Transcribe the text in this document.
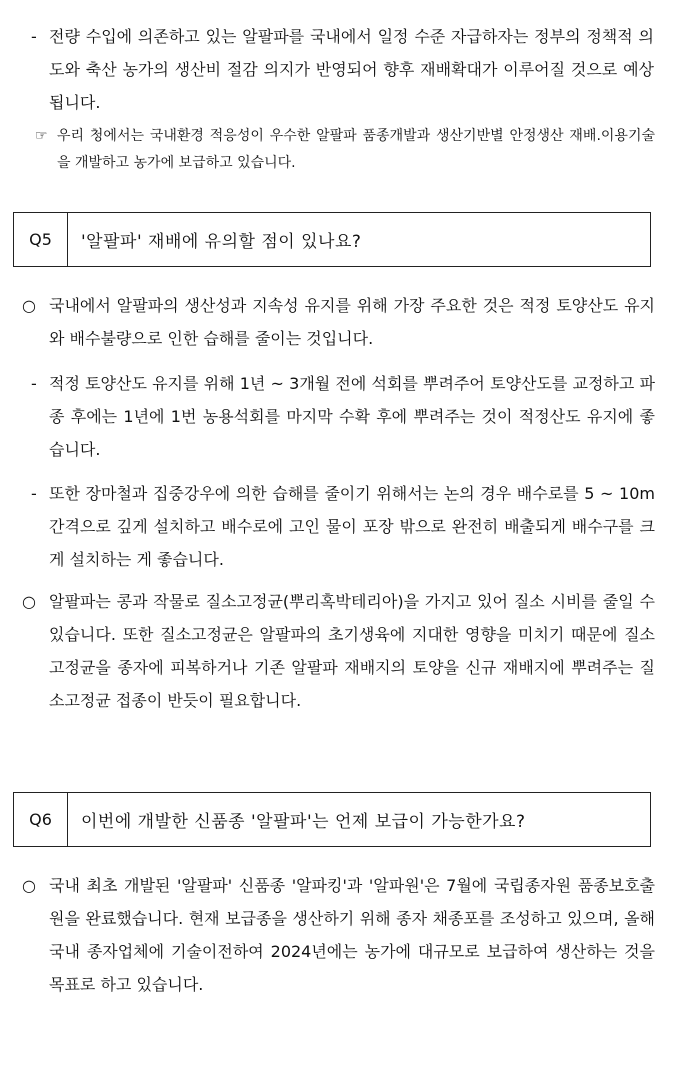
- 전량 수입에 의존하고 있는 알팔파를 국내에서 일정 수준 자급하자는 정부의 정책적 의도와 축산 농가의 생산비 절감 의지가 반영되어 향후 재배확대가 이루어질 것으로 예상됩니다.
☞ 우리 청에서는 국내환경 적응성이 우수한 알팔파 품종개발과 생산기반별 안정생산 재배.이용기술을 개발하고 농가에 보급하고 있습니다.
Q5	'알팔파' 재배에 유의할 점이 있나요?
○ 국내에서 알팔파의 생산성과 지속성 유지를 위해 가장 주요한 것은 적정 토양산도 유지와 배수불량으로 인한 습해를 줄이는 것입니다.
- 적정 토양산도 유지를 위해 1년 ~ 3개월 전에 석회를 뿌려주어 토양산도를 교정하고 파종 후에는 1년에 1번 농용석회를 마지막 수확 후에 뿌려주는 것이 적정산도 유지에 좋습니다.
- 또한 장마철과 집중강우에 의한 습해를 줄이기 위해서는 논의 경우 배수로를 5 ~ 10m 간격으로 깊게 설치하고 배수로에 고인 물이 포장 밖으로 완전히 배출되게 배수구를 크게 설치하는 게 좋습니다.
○ 알팔파는 콩과 작물로 질소고정균(뿌리혹박테리아)을 가지고 있어 질소 시비를 줄일 수 있습니다. 또한 질소고정균은 알팔파의 초기생육에 지대한 영향을 미치기 때문에 질소고정균을 종자에 피복하거나 기존 알팔파 재배지의 토양을 신규 재배지에 뿌려주는 질소고정균 접종이 반듯이 필요합니다.
Q6	이번에 개발한 신품종 '알팔파'는 언제 보급이 가능한가요?
○ 국내 최초 개발된 '알팔파' 신품종 '알파킹'과 '알파원'은 7월에 국립종자원 품종보호출원을 완료했습니다. 현재 보급종을 생산하기 위해 종자 채종포를 조성하고 있으며, 올해 국내 종자업체에 기술이전하여 2024년에는 농가에 대규모로 보급하여 생산하는 것을 목표로 하고 있습니다.
